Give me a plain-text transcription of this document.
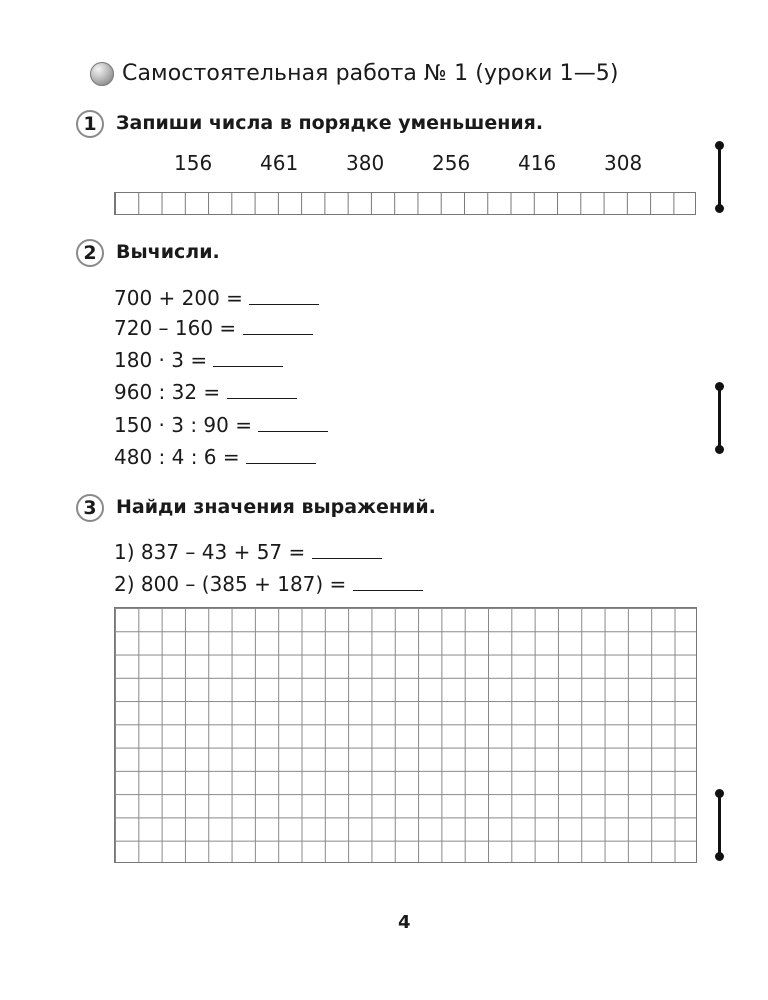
Самостоятельная работа № 1 (уроки 1—5)
1	Запиши числа в порядке уменьшения.
156 461 380 256 416 308
2	Вычисли.
700 + 200 =
720 – 160 =
180 · 3 =
960 : 32 =
150 · 3 : 90 =
480 : 4 : 6 =
3	Найди значения выражений.
1) 837 – 43 + 57 =
2) 800 – (385 + 187) =
4
